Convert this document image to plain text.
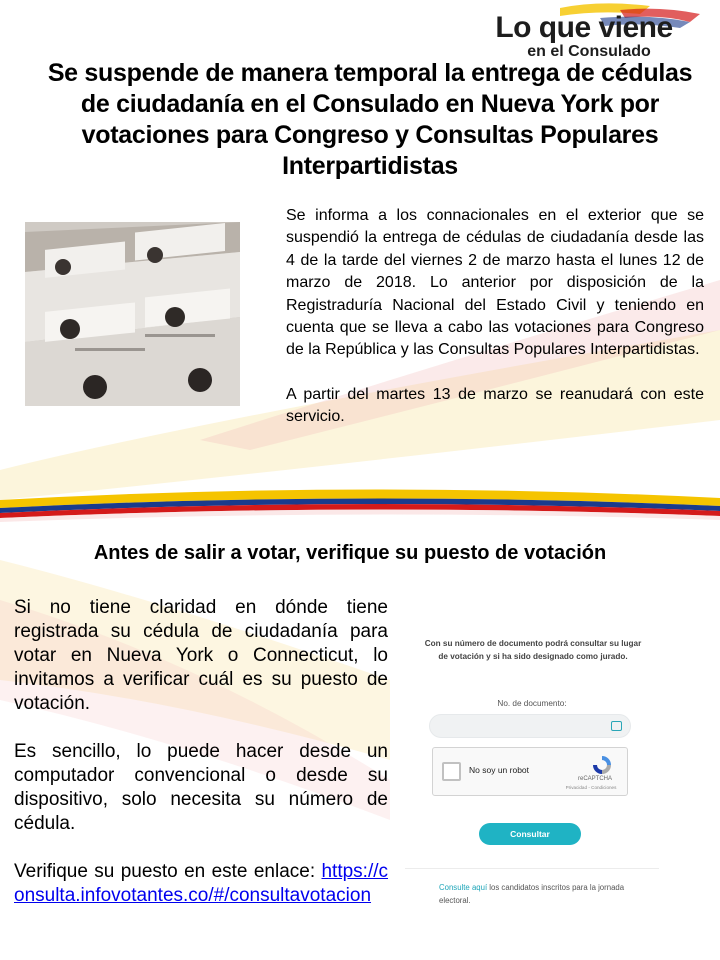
Lo que viene
en el Consulado
Se suspende de manera temporal la entrega de cédulas de ciudadanía en el Consulado en Nueva York por votaciones para Congreso y Consultas Populares Interpartidistas

Se informa a los connacionales en el exterior que se suspendió la entrega de cédulas de ciudadanía desde las 4 de la tarde del viernes 2 de marzo hasta el lunes 12 de marzo de 2018. Lo anterior por disposición de la Registraduría Nacional del Estado Civil y teniendo en cuenta que se lleva a cabo las votaciones para Congreso de la República y las Consultas Populares Interpartidistas.

A partir del martes 13 de marzo se reanudará con este servicio.

Antes de salir a votar, verifique su puesto de votación

Si no tiene claridad en dónde tiene registrada su cédula de ciudadanía para votar en Nueva York o Connecticut, lo invitamos a verificar cuál es su puesto de votación.

Es sencillo, lo puede hacer desde un computador convencional o desde su dispositivo, solo necesita su número de cédula.

Verifique su puesto en este enlace: https://consulta.infovotantes.co/#/consultavotacion

Con su número de documento podrá consultar su lugar de votación y si ha sido designado como jurado.
No. de documento:
No soy un robot
reCAPTCHA
Privacidad - Condiciones
Consultar
Consulte aquí los candidatos inscritos para la jornada electoral.
